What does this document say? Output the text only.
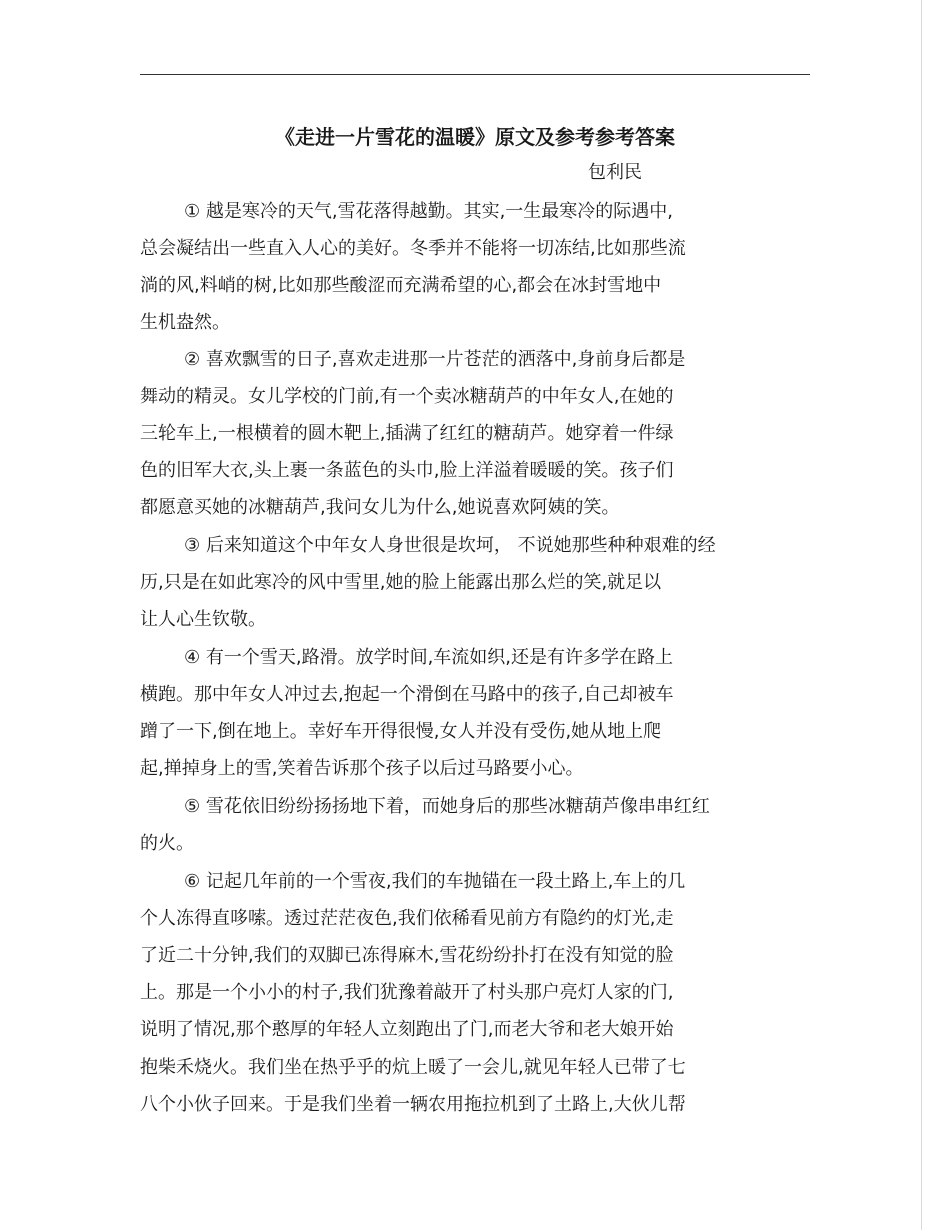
《走进一片雪花的温暖》原文及参考参考答案
包利民
① 越是寒冷的天气,雪花落得越勤。其实,一生最寒冷的际遇中,
总会凝结出一些直入人心的美好。冬季并不能将一切冻结,比如那些流
淌的风,料峭的树,比如那些酸涩而充满希望的心,都会在冰封雪地中
生机盎然。
② 喜欢飘雪的日子,喜欢走进那一片苍茫的洒落中,身前身后都是
舞动的精灵。女儿学校的门前,有一个卖冰糖葫芦的中年女人,在她的
三轮车上,一根横着的圆木靶上,插满了红红的糖葫芦。她穿着一件绿
色的旧军大衣,头上裹一条蓝色的头巾,脸上洋溢着暖暖的笑。孩子们
都愿意买她的冰糖葫芦,我问女儿为什么,她说喜欢阿姨的笑。
③ 后来知道这个中年女人身世很是坎坷， 不说她那些种种艰难的经
历,只是在如此寒冷的风中雪里,她的脸上能露出那么烂的笑,就足以
让人心生钦敬。
④ 有一个雪天,路滑。放学时间,车流如织,还是有许多学在路上
横跑。那中年女人冲过去,抱起一个滑倒在马路中的孩子,自己却被车
蹭了一下,倒在地上。幸好车开得很慢,女人并没有受伤,她从地上爬
起,掸掉身上的雪,笑着告诉那个孩子以后过马路要小心。
⑤ 雪花依旧纷纷扬扬地下着，而她身后的那些冰糖葫芦像串串红红
的火。
⑥ 记起几年前的一个雪夜,我们的车抛锚在一段土路上,车上的几
个人冻得直哆嗦。透过茫茫夜色,我们依稀看见前方有隐约的灯光,走
了近二十分钟,我们的双脚已冻得麻木,雪花纷纷扑打在没有知觉的脸
上。那是一个小小的村子,我们犹豫着敲开了村头那户亮灯人家的门,
说明了情况,那个憨厚的年轻人立刻跑出了门,而老大爷和老大娘开始
抱柴禾烧火。我们坐在热乎乎的炕上暖了一会儿,就见年轻人已带了七
八个小伙子回来。于是我们坐着一辆农用拖拉机到了土路上,大伙儿帮
